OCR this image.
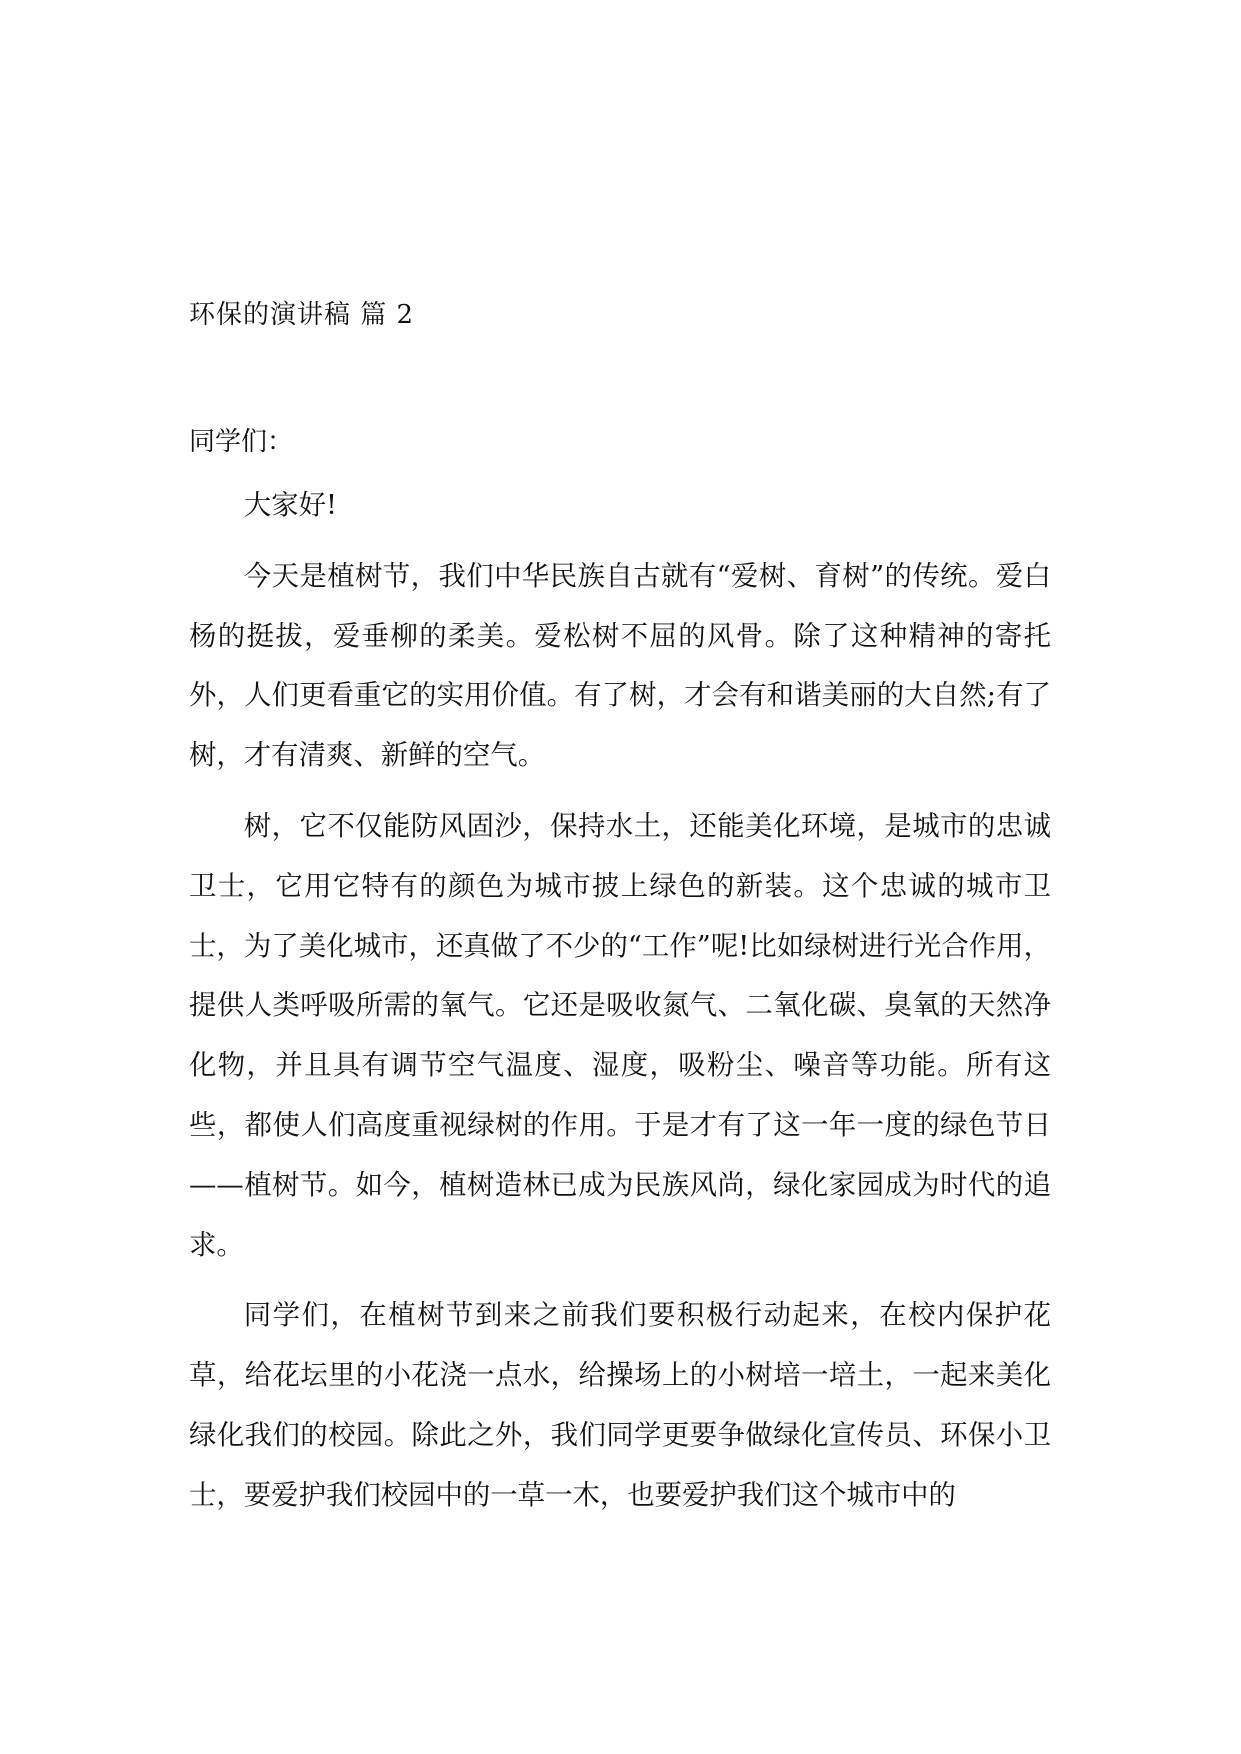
环保的演讲稿 篇 2
同学们：

大家好!

今天是植树节，我们中华民族自古就有“爱树、育树”的传统。爱白杨的挺拔，爱垂柳的柔美。爱松树不屈的风骨。除了这种精神的寄托外，人们更看重它的实用价值。有了树，才会有和谐美丽的大自然;有了树，才有清爽、新鲜的空气。

树，它不仅能防风固沙，保持水土，还能美化环境，是城市的忠诚卫士，它用它特有的颜色为城市披上绿色的新装。这个忠诚的城市卫士，为了美化城市，还真做了不少的“工作”呢!比如绿树进行光合作用，提供人类呼吸所需的氧气。它还是吸收氮气、二氧化碳、臭氧的天然净化物，并且具有调节空气温度、湿度，吸粉尘、噪音等功能。所有这些，都使人们高度重视绿树的作用。于是才有了这一年一度的绿色节日——植树节。如今，植树造林已成为民族风尚，绿化家园成为时代的追求。

同学们，在植树节到来之前我们要积极行动起来，在校内保护花草，给花坛里的小花浇一点水，给操场上的小树培一培土，一起来美化绿化我们的校园。除此之外，我们同学更要争做绿化宣传员、环保小卫士，要爱护我们校园中的一草一木，也要爱护我们这个城市中的
